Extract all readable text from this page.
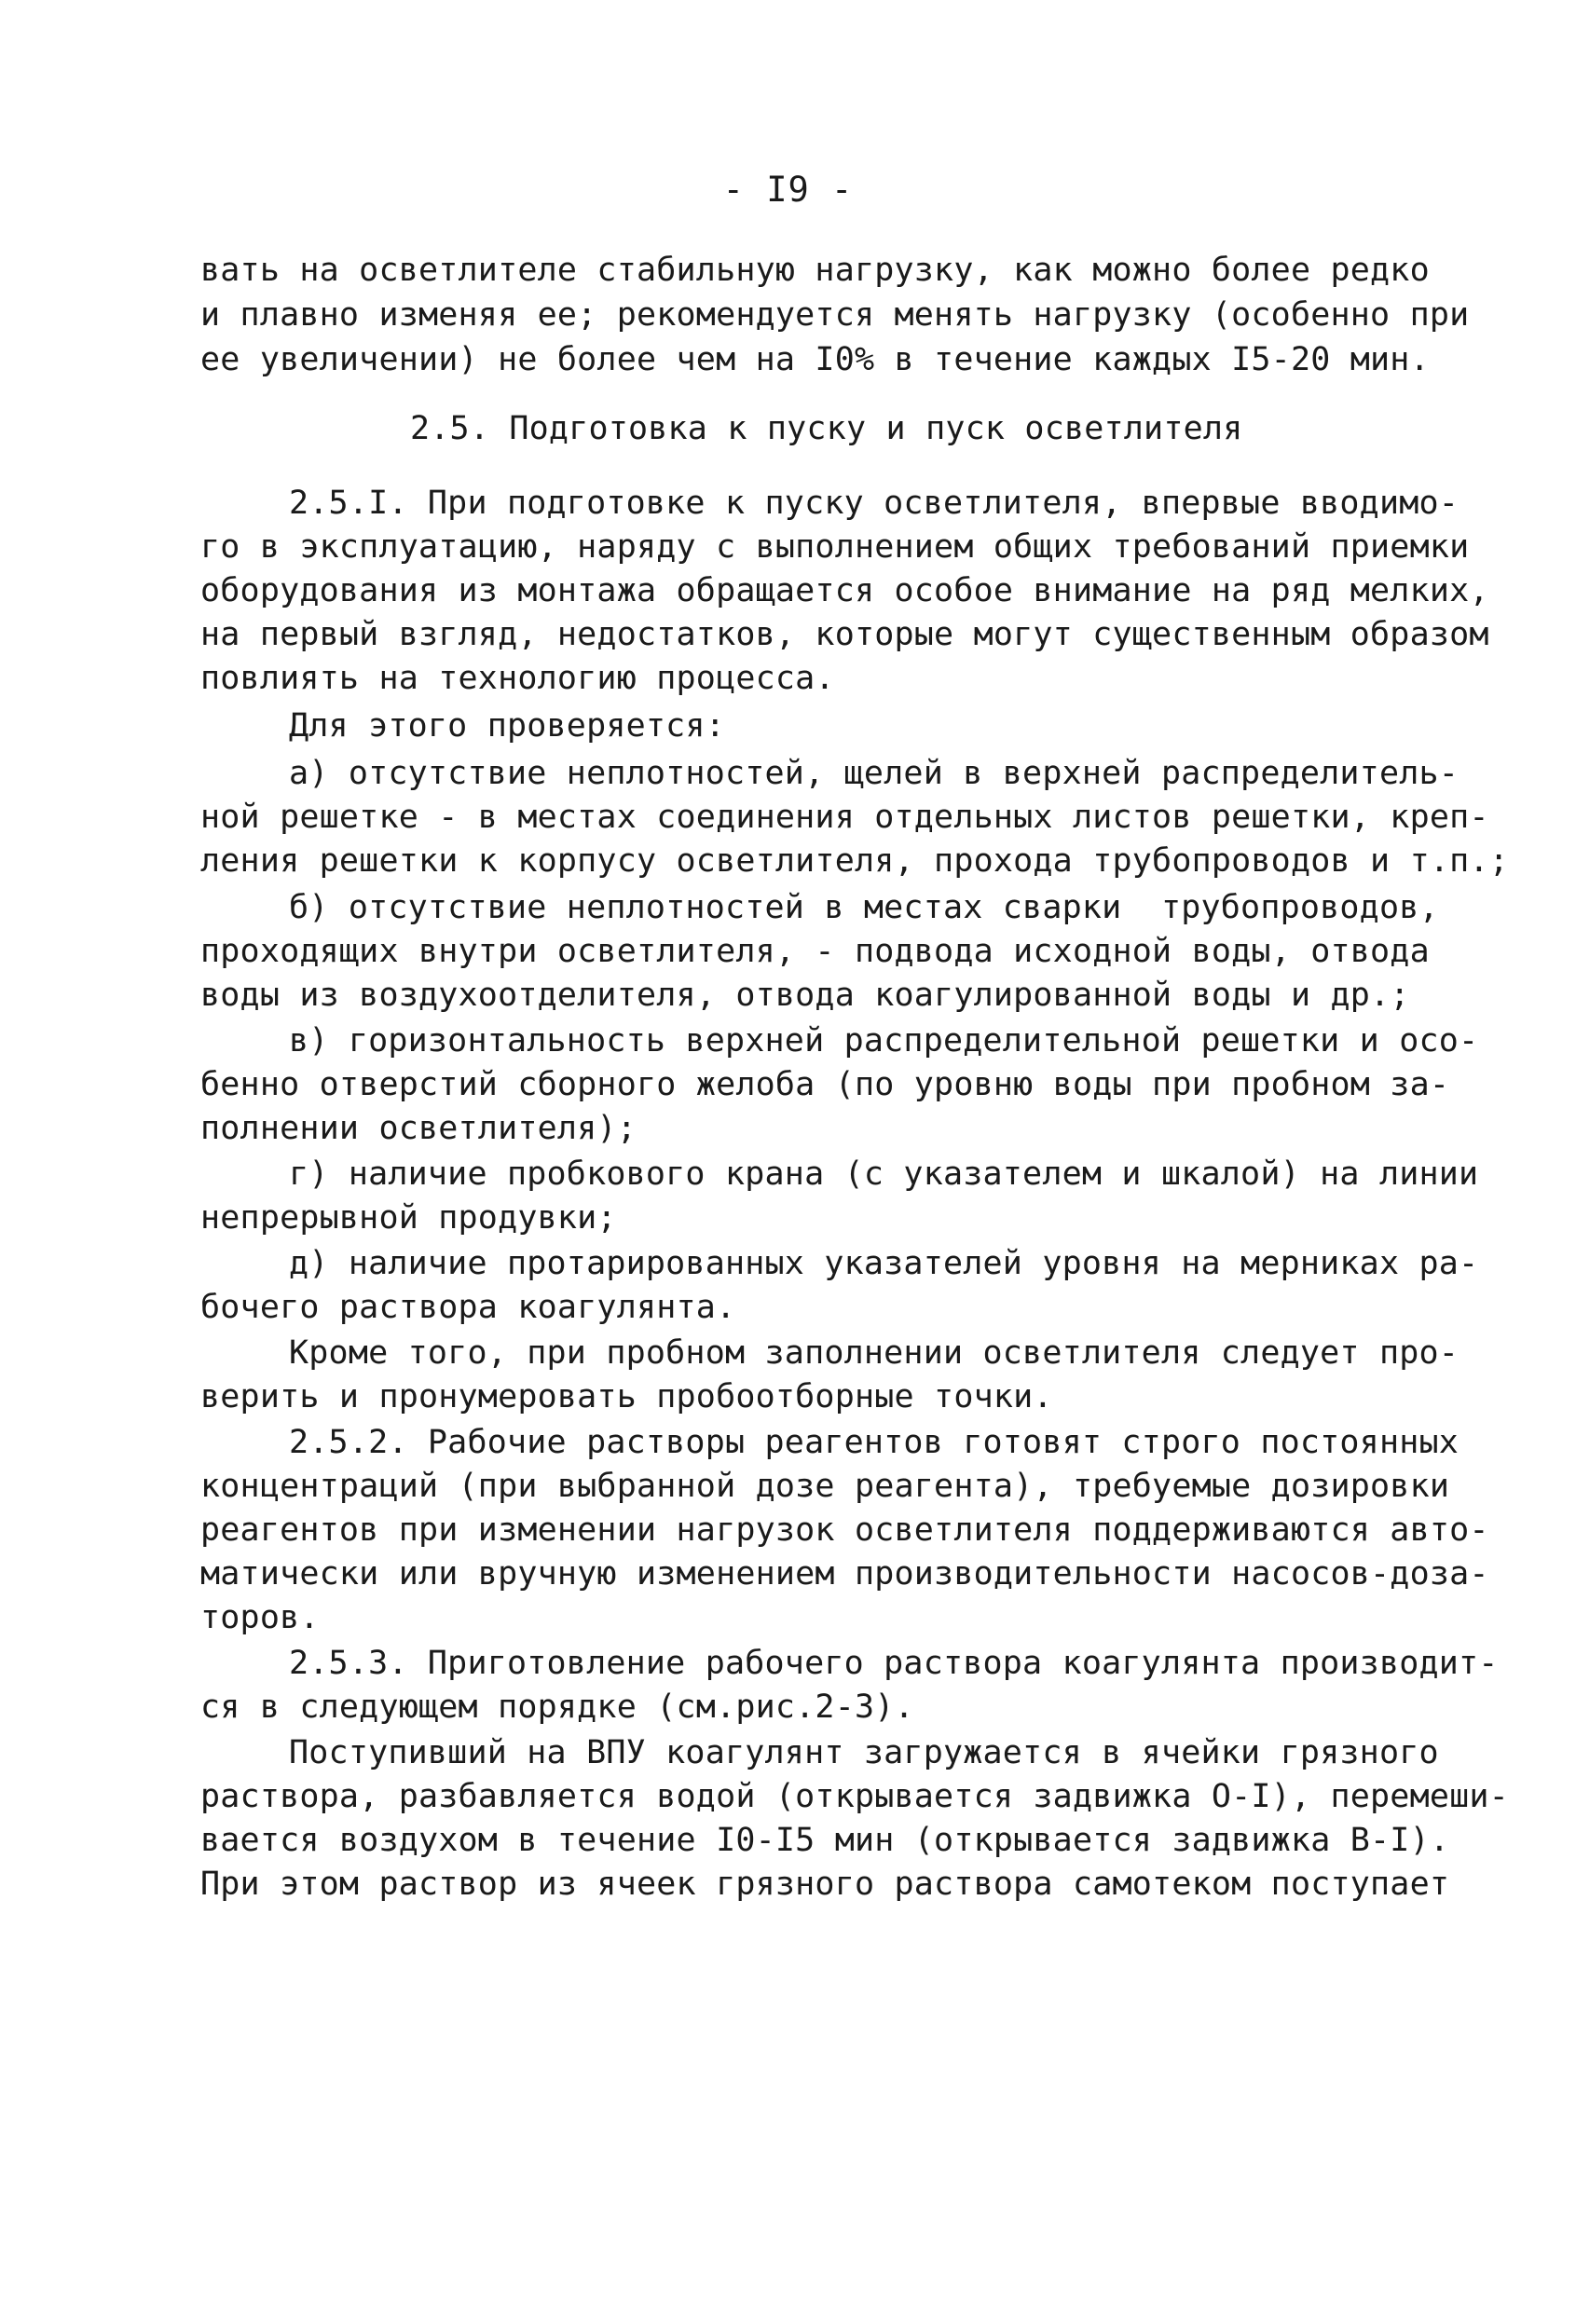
- I9 -
вать на осветлителе стабильную нагрузку, как можно более редко
и плавно изменяя ее; рекомендуется менять нагрузку (особенно при
ее увеличении) не более чем на I0% в течение каждых I5-20 мин.
2.5. Подготовка к пуску и пуск осветлителя
2.5.I. При подготовке к пуску осветлителя, впервые вводимо-
го в эксплуатацию, наряду с выполнением общих требований приемки
оборудования из монтажа обращается особое внимание на ряд мелких,
на первый взгляд, недостатков, которые могут существенным образом
повлиять на технологию процесса.
Для этого проверяется:
а) отсутствие неплотностей, щелей в верхней распределитель-
ной решетке - в местах соединения отдельных листов решетки, креп-
ления решетки к корпусу осветлителя, прохода трубопроводов и т.п.;
б) отсутствие неплотностей в местах сварки  трубопроводов,
проходящих внутри осветлителя, - подвода исходной воды, отвода
воды из воздухоотделителя, отвода коагулированной воды и др.;
в) горизонтальность верхней распределительной решетки и осо-
бенно отверстий сборного желоба (по уровню воды при пробном за-
полнении осветлителя);
г) наличие пробкового крана (с указателем и шкалой) на линии
непрерывной продувки;
д) наличие протарированных указателей уровня на мерниках ра-
бочего раствора коагулянта.
Кроме того, при пробном заполнении осветлителя следует про-
верить и пронумеровать пробоотборные точки.
2.5.2. Рабочие растворы реагентов готовят строго постоянных
концентраций (при выбранной дозе реагента), требуемые дозировки
реагентов при изменении нагрузок осветлителя поддерживаются авто-
матически или вручную изменением производительности насосов-доза-
торов.
2.5.3. Приготовление рабочего раствора коагулянта производит-
ся в следующем порядке (см.рис.2-3).
Поступивший на ВПУ коагулянт загружается в ячейки грязного
раствора, разбавляется водой (открывается задвижка О-I), перемеши-
вается воздухом в течение I0-I5 мин (открывается задвижка В-I).
При этом раствор из ячеек грязного раствора самотеком поступает
